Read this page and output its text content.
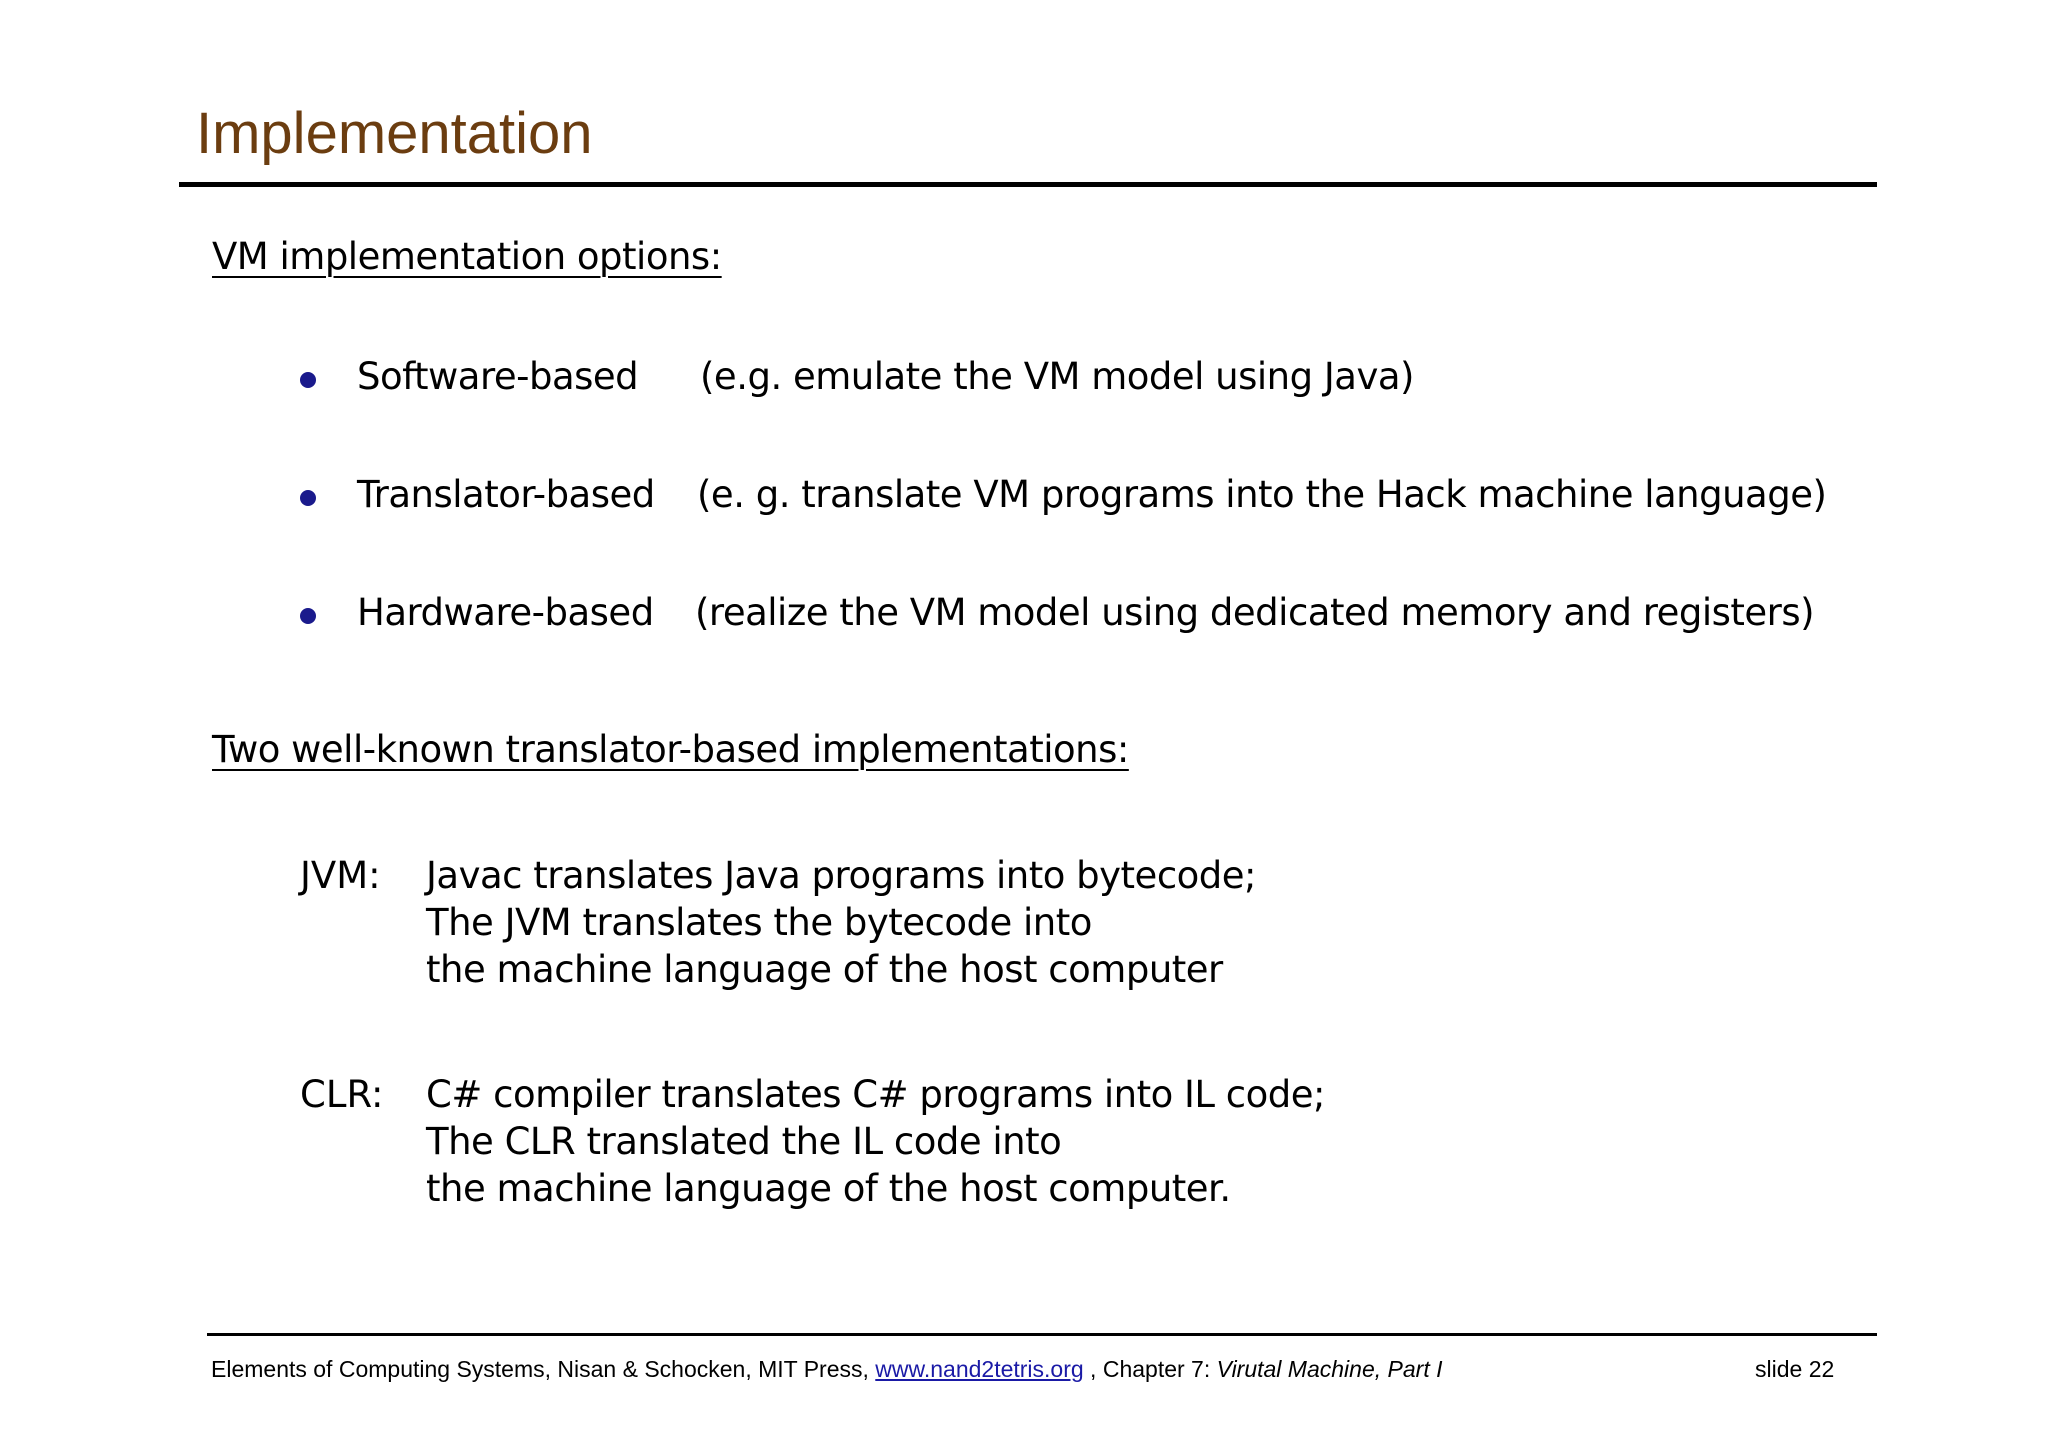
Implementation
VM implementation options:
Software-based (e.g. emulate the VM model using Java)
Translator-based (e. g. translate VM programs into the Hack machine language)
Hardware-based (realize the VM model using dedicated memory and registers)
Two well-known translator-based implementations:
JVM: Javac translates Java programs into bytecode;
The JVM translates the bytecode into
the machine language of the host computer
CLR: C# compiler translates C# programs into IL code;
The CLR translated the IL code into
the machine language of the host computer.
Elements of Computing Systems, Nisan & Schocken, MIT Press, www.nand2tetris.org , Chapter 7: Virutal Machine, Part I	slide 22
